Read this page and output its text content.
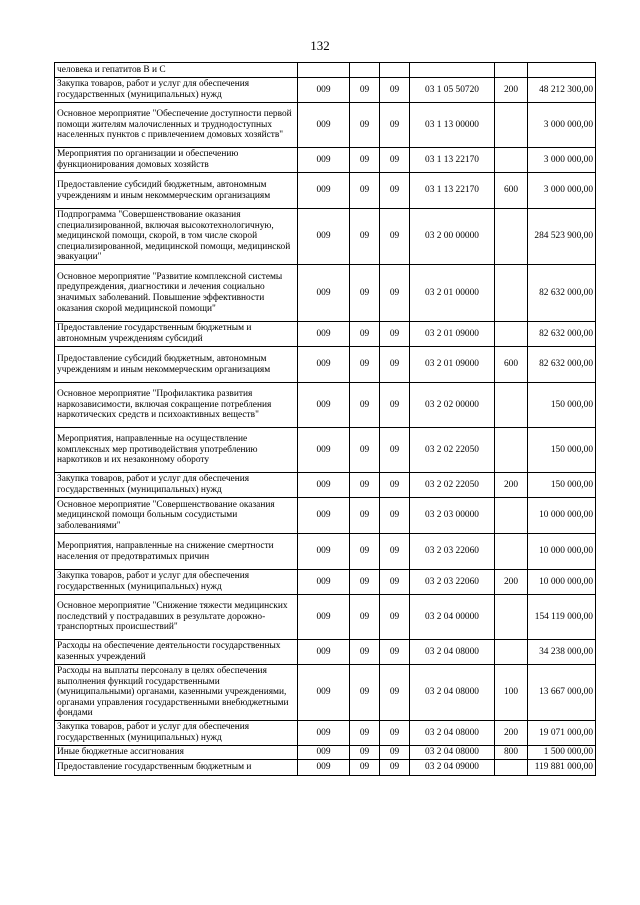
132
человека и гепатитов В и С						
Закупка товаров, работ и услуг для обеспечения государственных (муниципальных) нужд	009	09	09	03 1 05 50720	200	48 212 300,00
Основное мероприятие "Обеспечение доступности первой помощи жителям малочисленных и труднодоступных населенных пунктов с привлечением домовых хозяйств"	009	09	09	03 1 13 00000		3 000 000,00
Мероприятия по организации и обеспечению функционирования домовых хозяйств	009	09	09	03 1 13 22170		3 000 000,00
Предоставление субсидий бюджетным, автономным учреждениям и иным некоммерческим организациям	009	09	09	03 1 13 22170	600	3 000 000,00
Подпрограмма "Совершенствование оказания специализированной, включая высокотехнологичную, медицинской помощи, скорой, в том числе скорой специализированной, медицинской помощи, медицинской эвакуации"	009	09	09	03 2 00 00000		284 523 900,00
Основное мероприятие "Развитие комплексной системы предупреждения, диагностики и лечения социально значимых заболеваний. Повышение эффективности оказания скорой медицинской помощи"	009	09	09	03 2 01 00000		82 632 000,00
Предоставление государственным бюджетным и автономным учреждениям субсидий	009	09	09	03 2 01 09000		82 632 000,00
Предоставление субсидий бюджетным, автономным учреждениям и иным некоммерческим организациям	009	09	09	03 2 01 09000	600	82 632 000,00
Основное мероприятие "Профилактика развития наркозависимости, включая сокращение потребления наркотических средств и психоактивных веществ"	009	09	09	03 2 02 00000		150 000,00
Мероприятия, направленные на осуществление комплексных мер противодействия употреблению наркотиков и их незаконному обороту	009	09	09	03 2 02 22050		150 000,00
Закупка товаров, работ и услуг для обеспечения государственных (муниципальных) нужд	009	09	09	03 2 02 22050	200	150 000,00
Основное мероприятие "Совершенствование оказания медицинской помощи больным сосудистыми заболеваниями"	009	09	09	03 2 03 00000		10 000 000,00
Мероприятия, направленные на снижение смертности населения от предотвратимых причин	009	09	09	03 2 03 22060		10 000 000,00
Закупка товаров, работ и услуг для обеспечения государственных (муниципальных) нужд	009	09	09	03 2 03 22060	200	10 000 000,00
Основное мероприятие "Снижение тяжести медицинских последствий у пострадавших в результате дорожно-транспортных происшествий"	009	09	09	03 2 04 00000		154 119 000,00
Расходы на обеспечение деятельности государственных казенных учреждений	009	09	09	03 2 04 08000		34 238 000,00
Расходы на выплаты персоналу в целях обеспечения выполнения функций государственными (муниципальными) органами, казенными учреждениями, органами управления государственными внебюджетными фондами	009	09	09	03 2 04 08000	100	13 667 000,00
Закупка товаров, работ и услуг для обеспечения государственных (муниципальных) нужд	009	09	09	03 2 04 08000	200	19 071 000,00
Иные бюджетные ассигнования	009	09	09	03 2 04 08000	800	1 500 000,00
Предоставление государственным бюджетным и	009	09	09	03 2 04 09000		119 881 000,00
